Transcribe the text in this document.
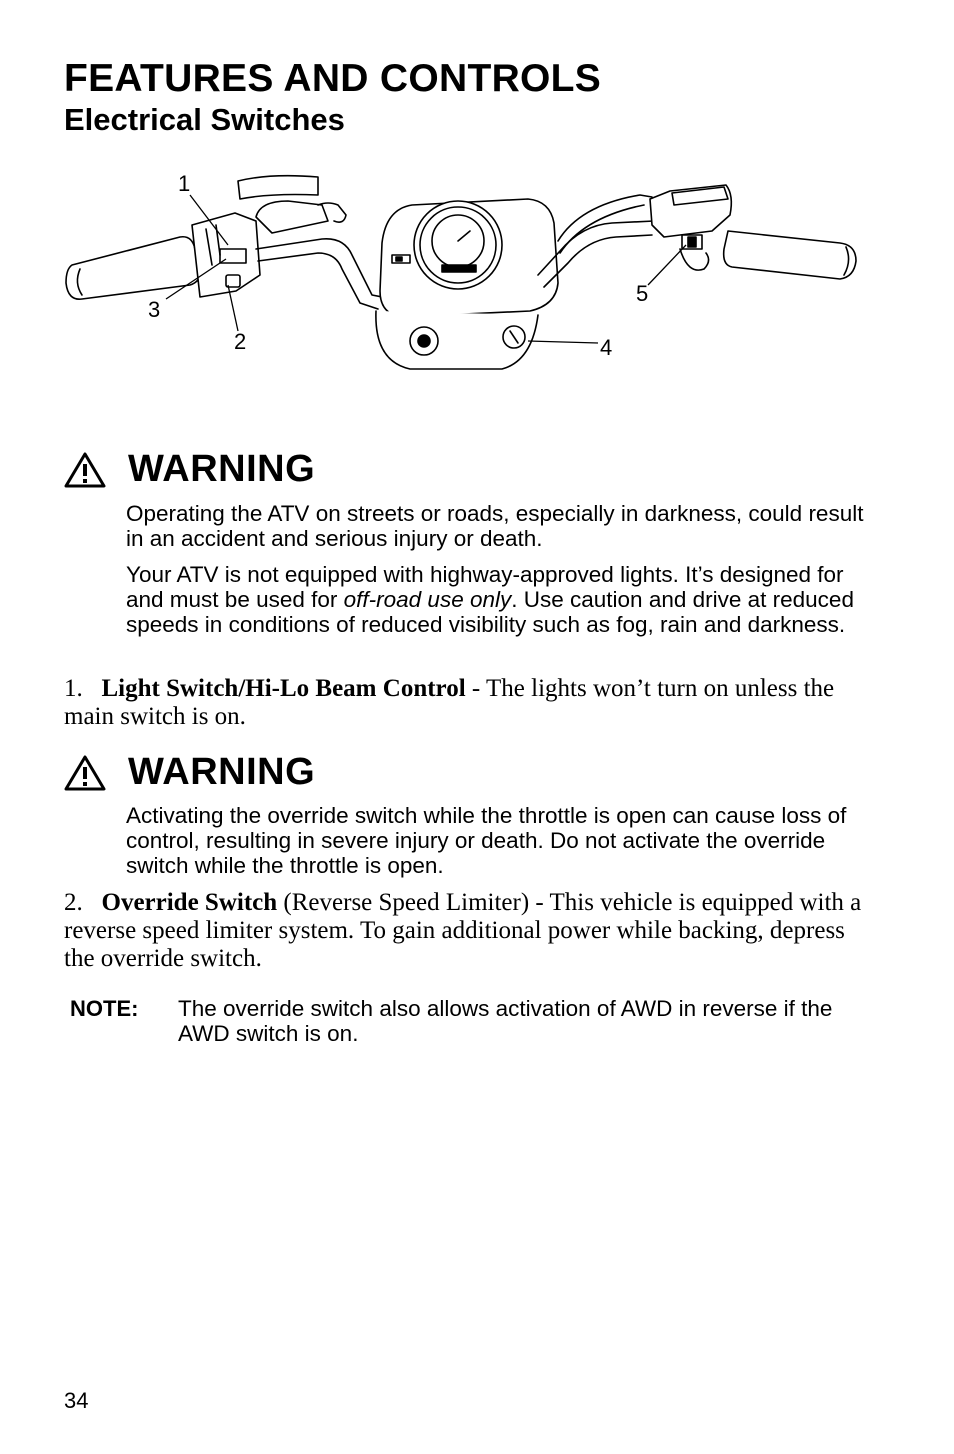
FEATURES AND CONTROLS
Electrical Switches
1
3
2	4
5
WARNING
Operating the ATV on streets or roads, especially in darkness, could result in an accident and serious injury or death.
Your ATV is not equipped with highway-approved lights. It’s designed for and must be used for off-road use only. Use caution and drive at reduced speeds in conditions of reduced visibility such as fog, rain and darkness.
1. Light Switch/Hi-Lo Beam Control - The lights won’t turn on unless the main switch is on.
WARNING
Activating the override switch while the throttle is open can cause loss of control, resulting in severe injury or death. Do not activate the override switch while the throttle is open.
2. Override Switch (Reverse Speed Limiter) - This vehicle is equipped with a reverse speed limiter system. To gain additional power while backing, depress the override switch.
NOTE: The override switch also allows activation of AWD in reverse if the AWD switch is on.
34
